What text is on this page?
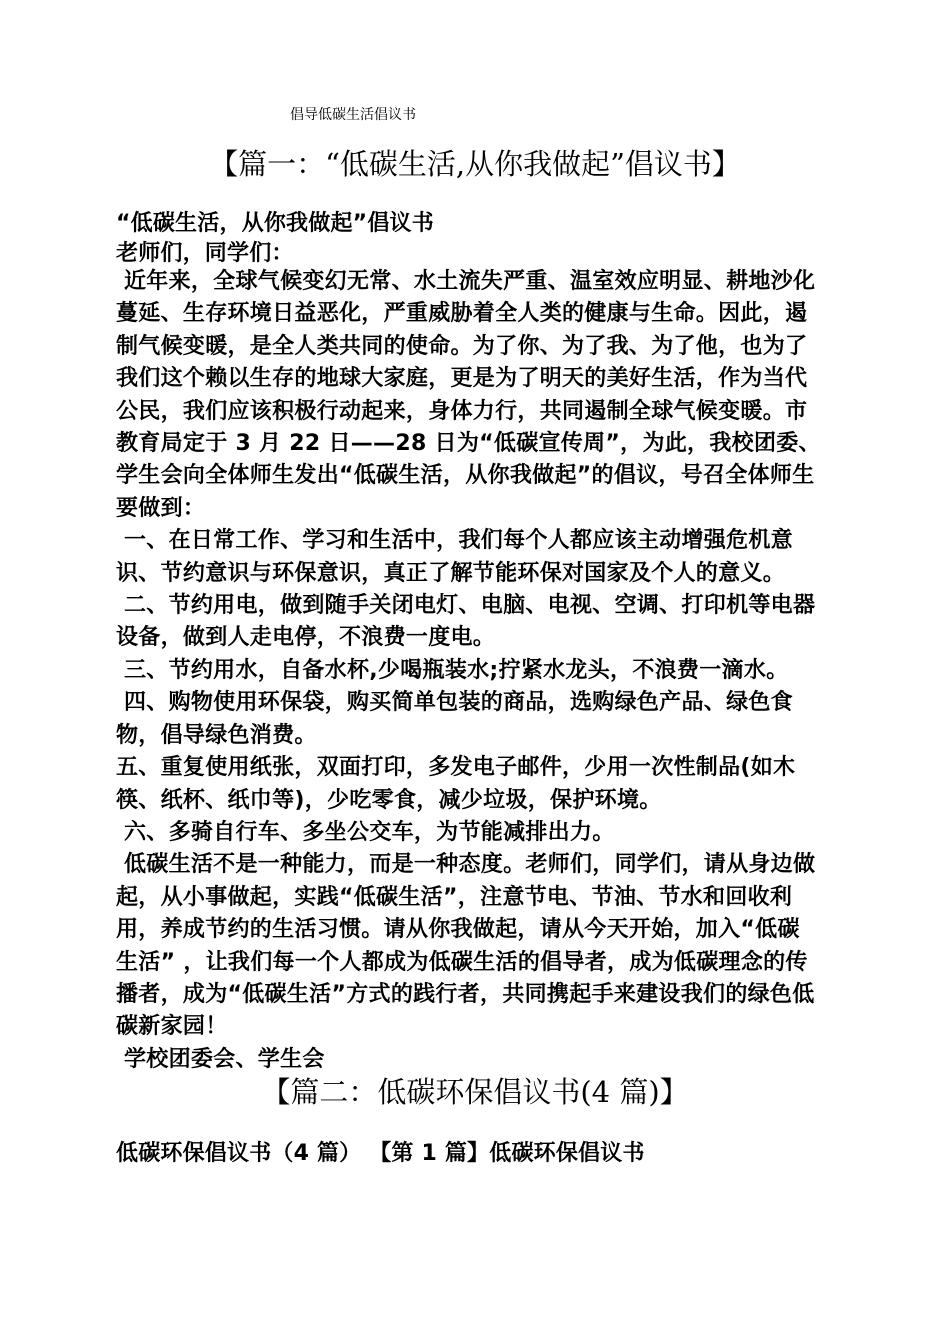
倡导低碳生活倡议书
【篇一：“低碳生活,从你我做起”倡议书】
“低碳生活，从你我做起”倡议书
老师们，同学们：

近年来，全球气候变幻无常、水土流失严重、温室效应明显、耕地沙化蔓延、生存环境日益恶化，严重威胁着全人类的健康与生命。因此，遏制气候变暖，是全人类共同的使命。为了你、为了我、为了他，也为了我们这个赖以生存的地球大家庭，更是为了明天的美好生活，作为当代公民，我们应该积极行动起来，身体力行，共同遏制全球气候变暖。市教育局定于 3 月 22 日——28 日为“低碳宣传周”，为此，我校团委、学生会向全体师生发出“低碳生活，从你我做起”的倡议，号召全体师生要做到：

一、在日常工作、学习和生活中，我们每个人都应该主动增强危机意识、节约意识与环保意识，真正了解节能环保对国家及个人的意义。

二、节约用电，做到随手关闭电灯、电脑、电视、空调、打印机等电器设备，做到人走电停，不浪费一度电。

三、节约用水，自备水杯,少喝瓶装水;拧紧水龙头，不浪费一滴水。

四、购物使用环保袋，购买简单包装的商品，选购绿色产品、绿色食物，倡导绿色消费。

五、重复使用纸张，双面打印，多发电子邮件，少用一次性制品(如木筷、纸杯、纸巾等)，少吃零食，减少垃圾，保护环境。

六、多骑自行车、多坐公交车，为节能减排出力。

低碳生活不是一种能力，而是一种态度。老师们，同学们，请从身边做起，从小事做起，实践“低碳生活”，注意节电、节油、节水和回收利用，养成节约的生活习惯。请从你我做起，请从今天开始，加入“低碳生活” ，让我们每一个人都成为低碳生活的倡导者，成为低碳理念的传播者，成为“低碳生活”方式的践行者，共同携起手来建设我们的绿色低碳新家园！

学校团委会、学生会

【篇二：低碳环保倡议书(4 篇)】
低碳环保倡议书（4 篇） 【第 1 篇】低碳环保倡议书
